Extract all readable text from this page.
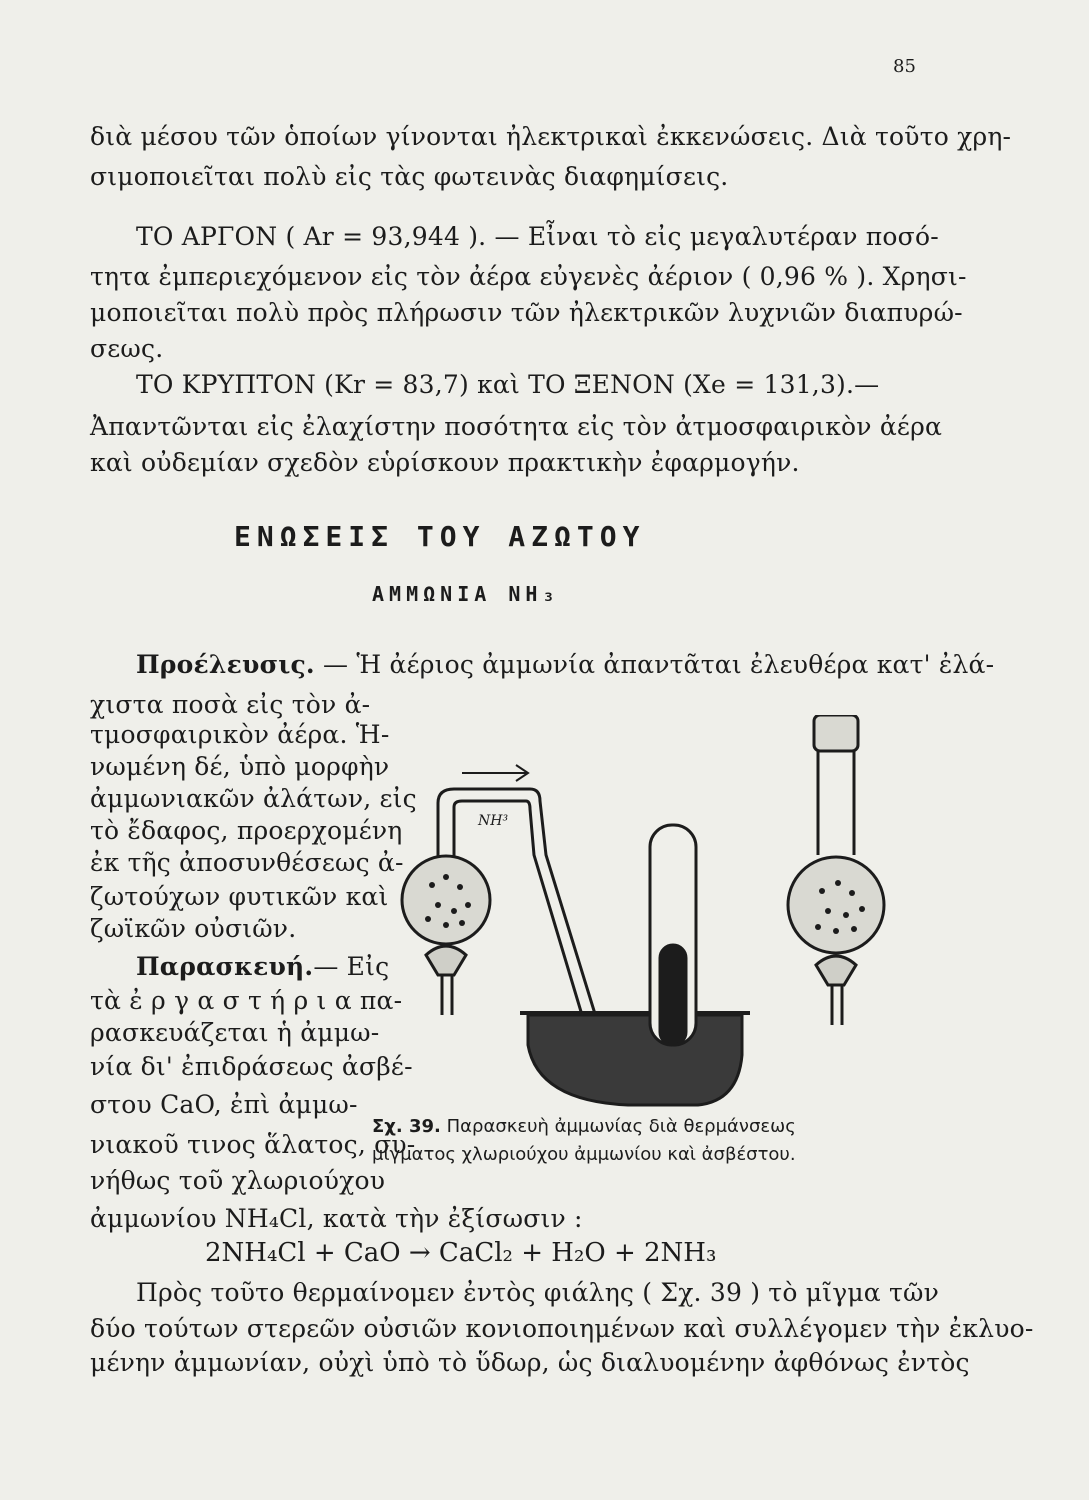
85
διὰ μέσου τῶν ὁποίων γίνονται ἠλεκτρικαὶ ἐκκενώσεις. Διὰ τοῦτο χρη-
σιμοποιεῖται πολὺ εἰς τὰς φωτεινὰς διαφημίσεις.
ΤΟ ΑΡΓΟΝ ( Ar = 93,944 ). — Εἶναι τὸ εἰς μεγαλυτέραν ποσό-
τητα ἐμπεριεχόμενον εἰς τὸν ἀέρα εὐγενὲς ἀέριον ( 0,96 % ). Χρησι-
μοποιεῖται πολὺ πρὸς πλήρωσιν τῶν ἠλεκτρικῶν λυχνιῶν διαπυρώ-
σεως.
ΤΟ ΚΡΥΠΤΟΝ (Kr = 83,7) καὶ ΤΟ ΞΕΝΟΝ (Xe = 131,3).—
Ἀπαντῶνται εἰς ἐλαχίστην ποσότητα εἰς τὸν ἀτμοσφαιρικὸν ἀέρα
καὶ οὐδεμίαν σχεδὸν εὑρίσκουν πρακτικὴν ἐφαρμογήν.
ΕΝΩΣΕΙΣ ΤΟΥ ΑΖΩΤΟΥ
ΑΜΜΩΝΙΑ ΝΗ₃
Προέλευσις. — Ἡ ἀέριος ἀμμωνία ἀπαντᾶται ἐλευθέρα κατ' ἐλά-
χιστα ποσὰ εἰς τὸν ἀ-
τμοσφαιρικὸν ἀέρα. Ἡ-
νωμένη δέ, ὑπὸ μορφὴν
ἀμμωνιακῶν ἀλάτων, εἰς
τὸ ἔδαφος, προερχομένη
ἐκ τῆς ἀποσυνθέσεως ἀ-
ζωτούχων φυτικῶν καὶ
ζωϊκῶν οὐσιῶν.
Παρασκευή.— Εἰς
τὰ ἐ ρ γ α σ τ ή ρ ι α πα-
ρασκευάζεται ἡ ἀμμω-
νία δι' ἐπιδράσεως ἀσβέ-
στου CaO, ἐπὶ ἀμμω-
νιακοῦ τινος ἅλατος, συ-
νήθως τοῦ χλωριούχου
ἀμμωνίου NH₄Cl, κατὰ τὴν ἐξίσωσιν :
2NH₄Cl + CaO → CaCl₂ + H₂O + 2NH₃
Πρὸς τοῦτο θερμαίνομεν ἐντὸς φιάλης ( Σχ. 39 ) τὸ μῖγμα τῶν
δύο τούτων στερεῶν οὐσιῶν κονιοποιημένων καὶ συλλέγομεν τὴν ἐκλυο-
μένην ἀμμωνίαν, οὐχὶ ὑπὸ τὸ ὕδωρ, ὡς διαλυομένην ἀφθόνως ἐντὸς
NH³
Σχ. 39. Παρασκευὴ ἀμμωνίας διὰ θερμάνσεως
μίγματος χλωριούχου ἀμμωνίου καὶ ἀσβέστου.
